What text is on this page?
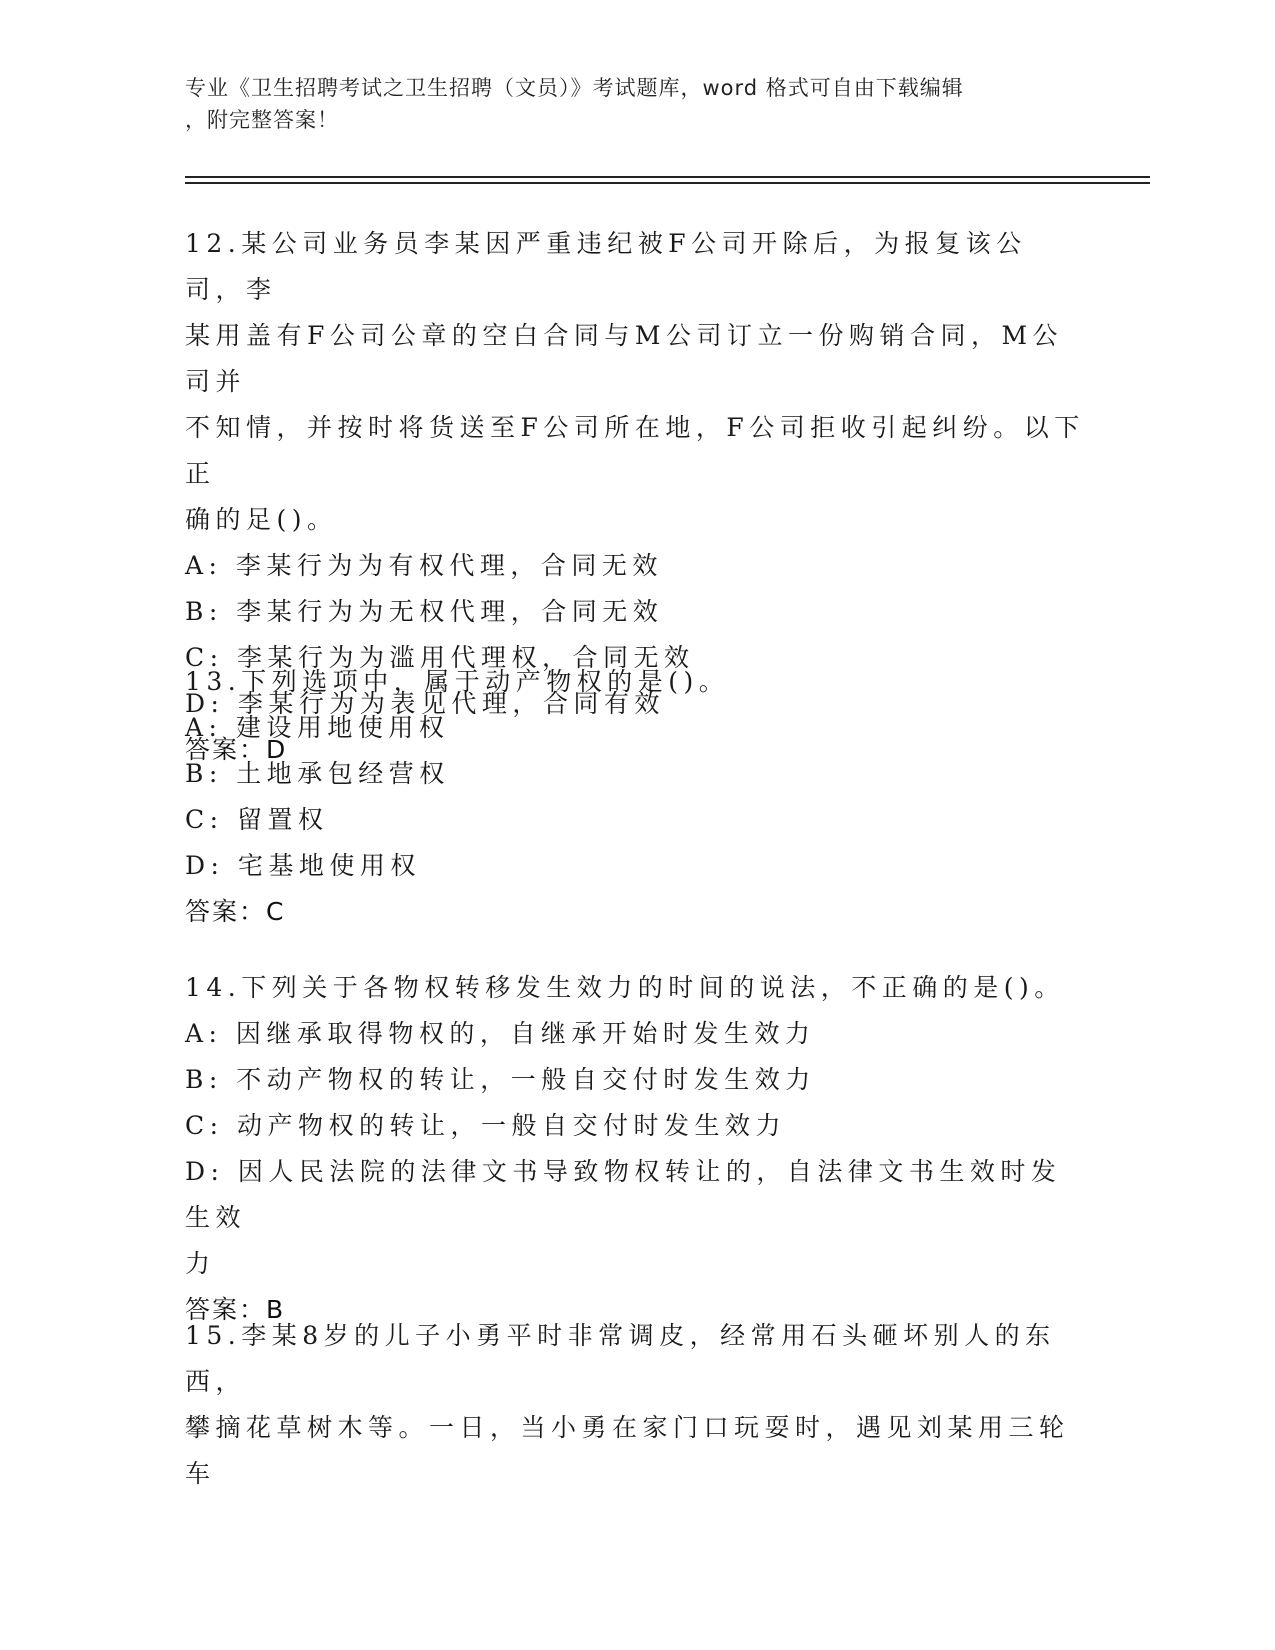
专业《卫生招聘考试之卫生招聘（文员）》考试题库，word 格式可自由下载编辑
，附完整答案！
12.某公司业务员李某因严重违纪被F公司开除后，为报复该公司，李
某用盖有F公司公章的空白合同与M公司订立一份购销合同，M公司并
不知情，并按时将货送至F公司所在地，F公司拒收引起纠纷。以下正
确的足()。
A: 李某行为为有权代理，合同无效
B: 李某行为为无权代理，合同无效
C: 李某行为为滥用代理权，合同无效
D: 李某行为为表见代理，合同有效
答案：D
13.下列选项中，属于动产物权的是()。
A: 建设用地使用权
B: 土地承包经营权
C: 留置权
D: 宅基地使用权
答案：C
14.下列关于各物权转移发生效力的时间的说法，不正确的是()。
A: 因继承取得物权的，自继承开始时发生效力
B: 不动产物权的转让，一般自交付时发生效力
C: 动产物权的转让，一般自交付时发生效力
D: 因人民法院的法律文书导致物权转让的，自法律文书生效时发生效
力
答案：B
15.李某8岁的儿子小勇平时非常调皮，经常用石头砸坏别人的东西，
攀摘花草树木等。一日，当小勇在家门口玩耍时，遇见刘某用三轮车
